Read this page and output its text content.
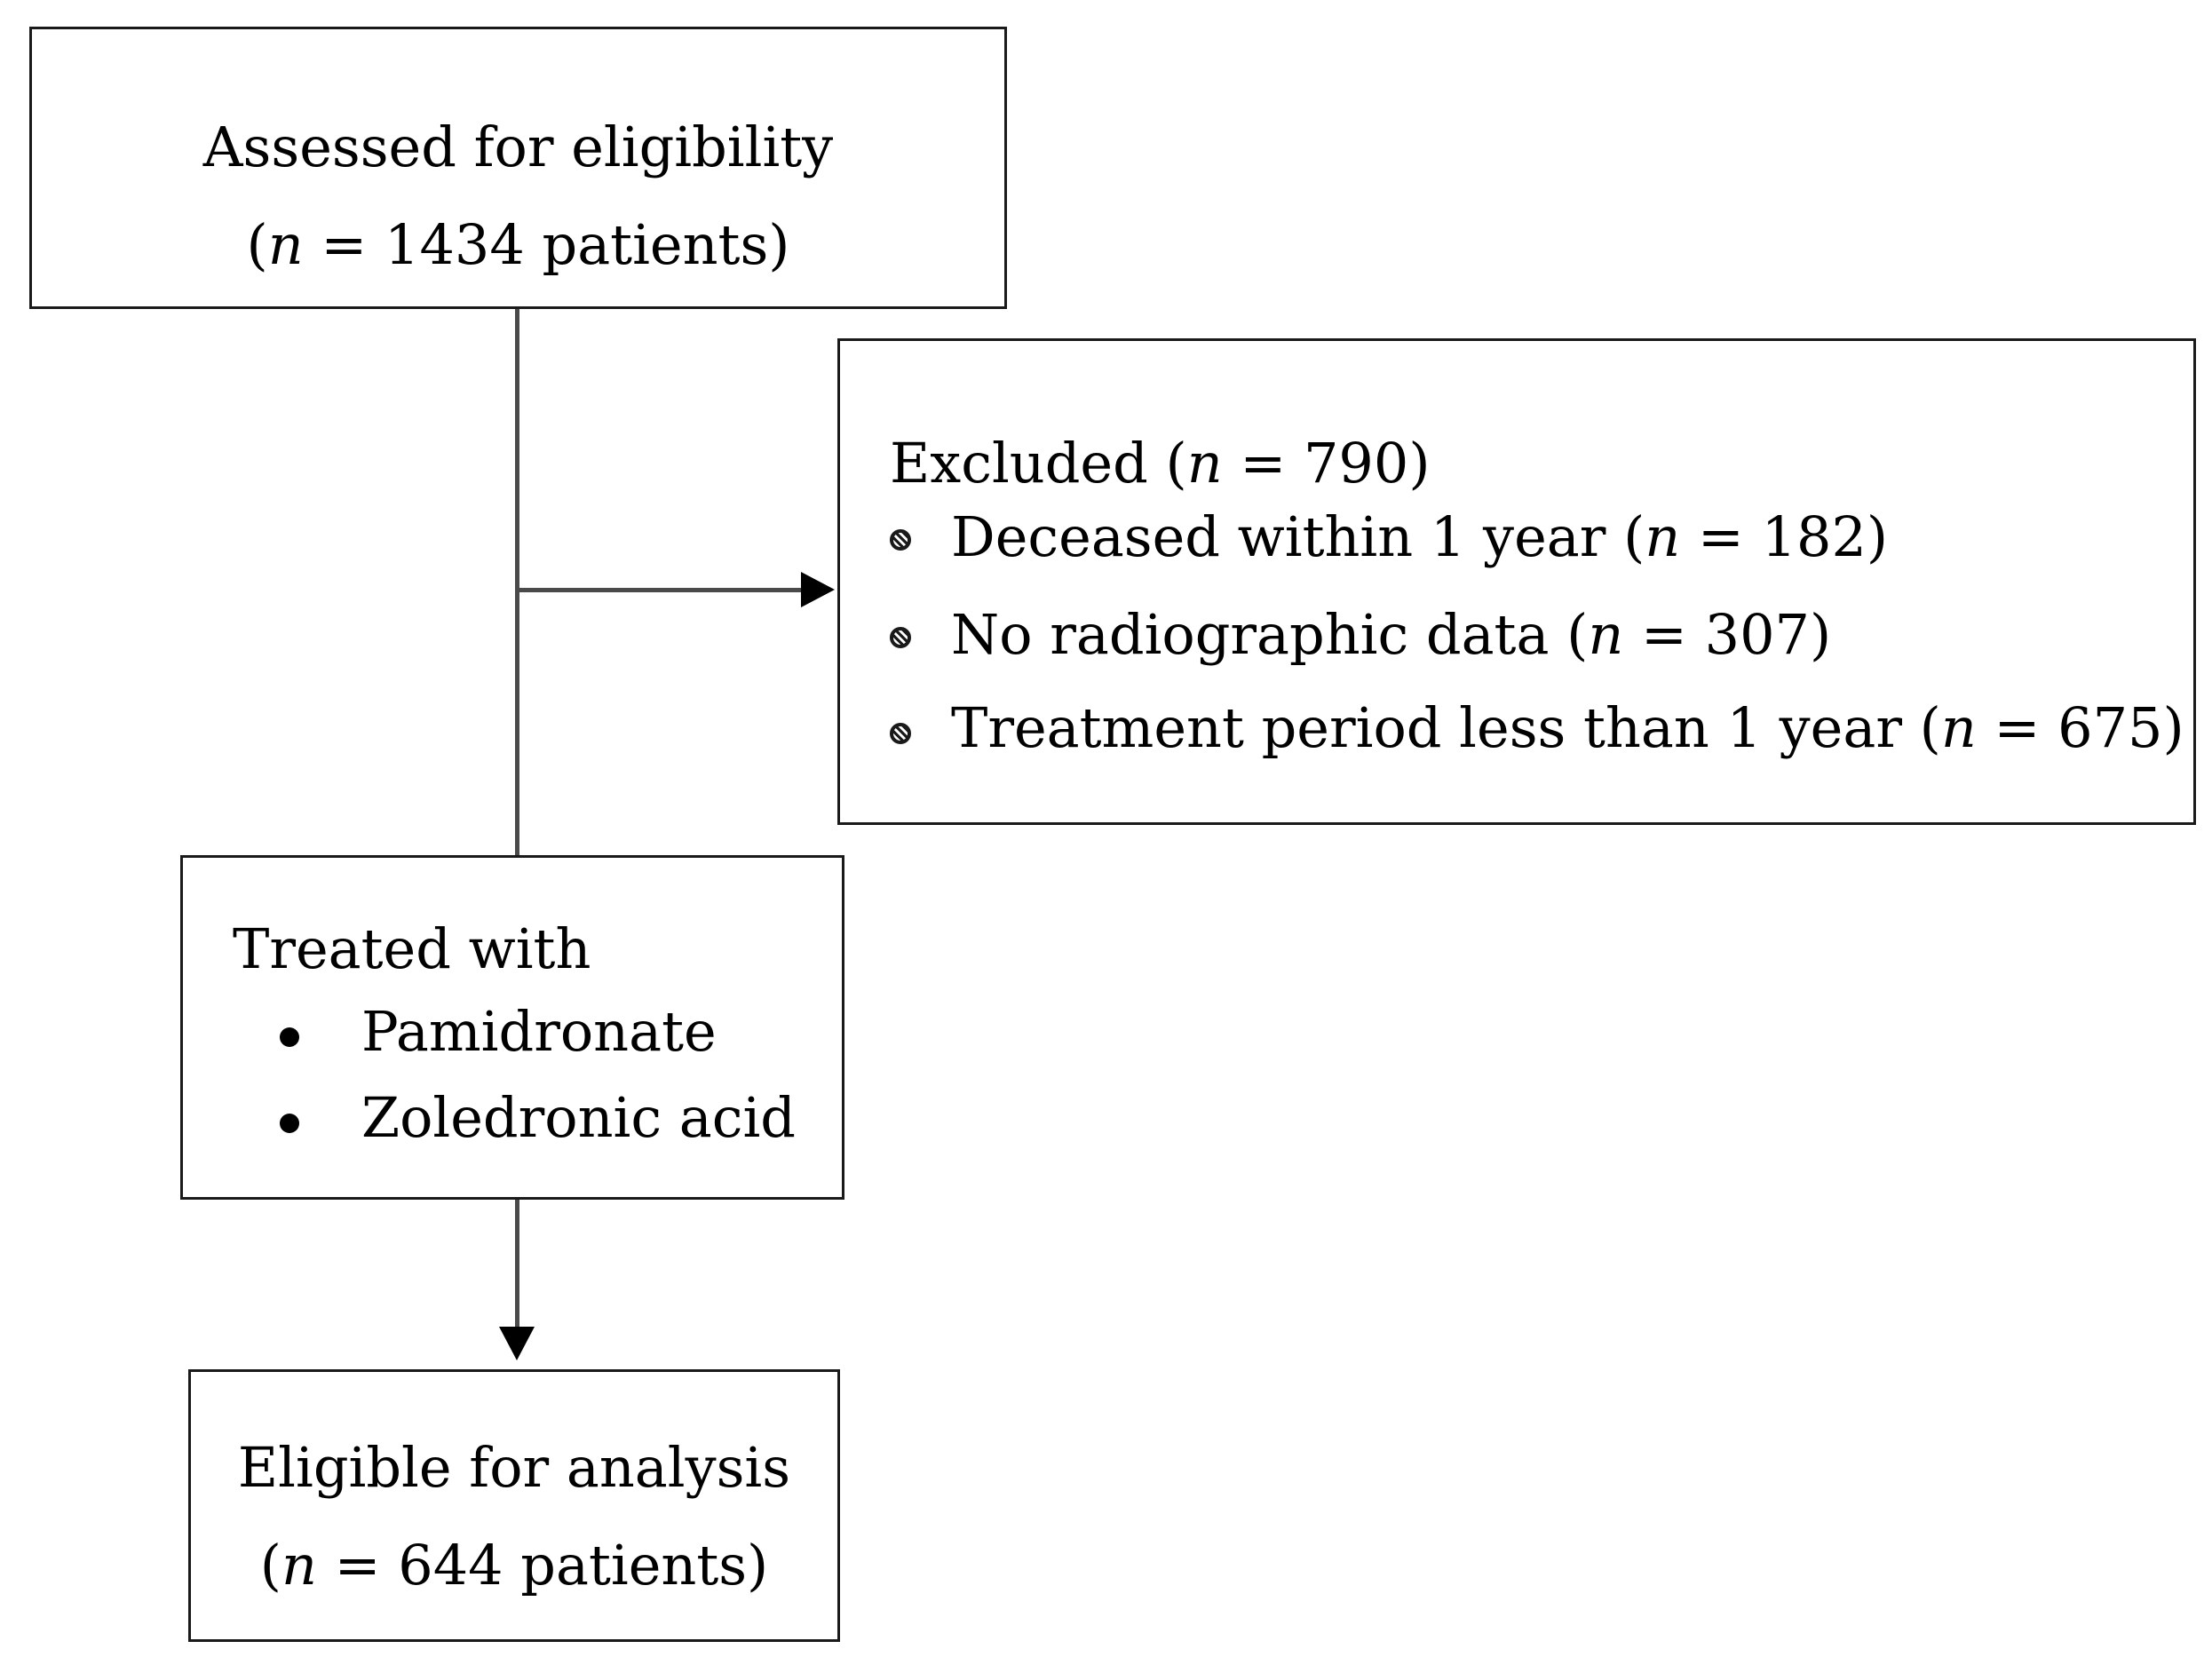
Assessed for eligibility
(n = 1434 patients)
Excluded (n = 790)
Deceased within 1 year (n = 182)
No radiographic data (n = 307)
Treatment period less than 1 year (n = 675)
Treated with
Pamidronate
Zoledronic acid
Eligible for analysis
(n = 644 patients)
